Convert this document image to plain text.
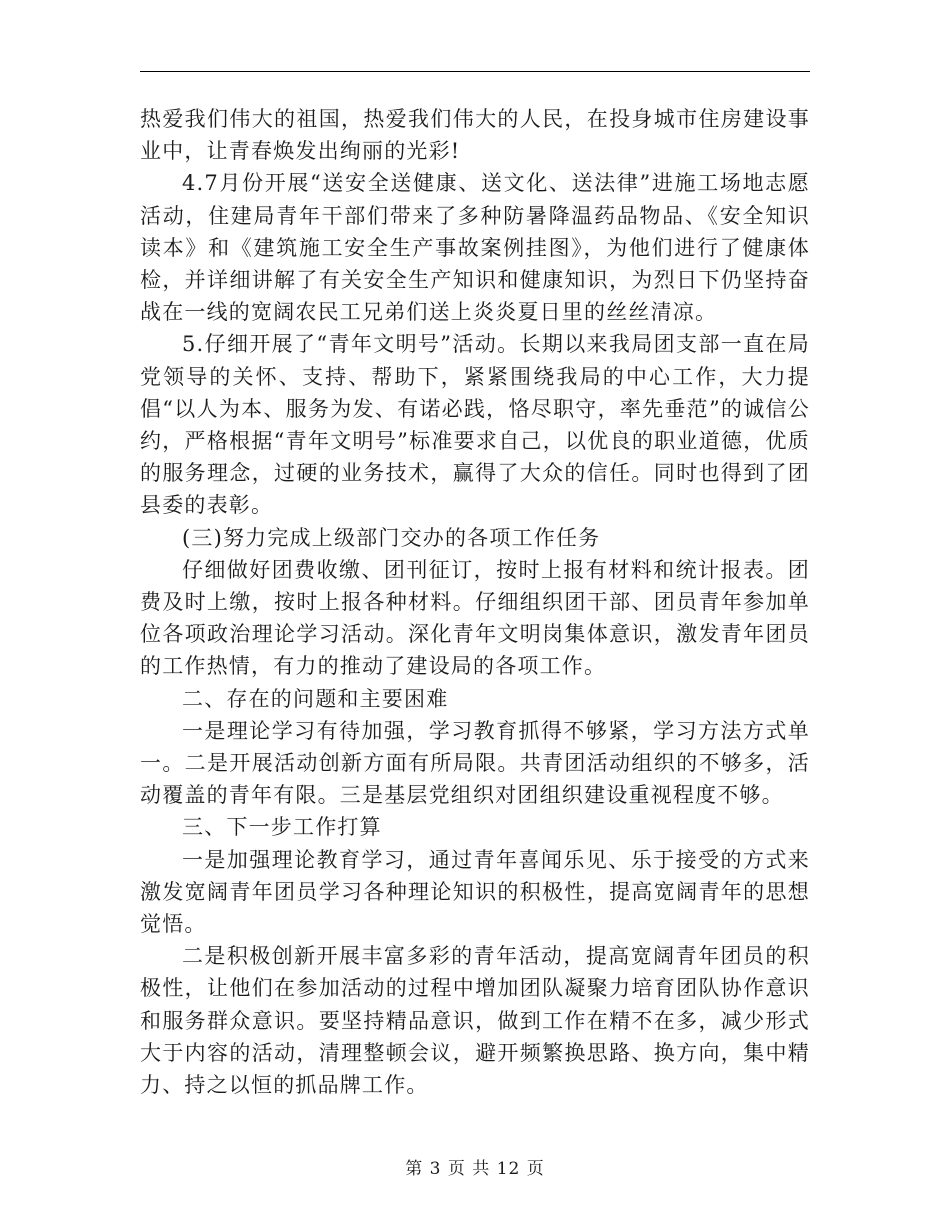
热爱我们伟大的祖国，热爱我们伟大的人民，在投身城市住房建设事业中，让青春焕发出绚丽的光彩!

4.7月份开展“送安全送健康、送文化、送法律”进施工场地志愿活动，住建局青年干部们带来了多种防暑降温药品物品、《安全知识读本》和《建筑施工安全生产事故案例挂图》，为他们进行了健康体检，并详细讲解了有关安全生产知识和健康知识，为烈日下仍坚持奋战在一线的宽阔农民工兄弟们送上炎炎夏日里的丝丝清凉。

5.仔细开展了“青年文明号”活动。长期以来我局团支部一直在局党领导的关怀、支持、帮助下，紧紧围绕我局的中心工作，大力提倡“以人为本、服务为发、有诺必践，恪尽职守，率先垂范”的诚信公约，严格根据“青年文明号”标准要求自己，以优良的职业道德，优质的服务理念，过硬的业务技术，赢得了大众的信任。同时也得到了团县委的表彰。

(三)努力完成上级部门交办的各项工作任务

仔细做好团费收缴、团刊征订，按时上报有材料和统计报表。团费及时上缴，按时上报各种材料。仔细组织团干部、团员青年参加单位各项政治理论学习活动。深化青年文明岗集体意识，激发青年团员的工作热情，有力的推动了建设局的各项工作。

二、存在的问题和主要困难

一是理论学习有待加强，学习教育抓得不够紧，学习方法方式单一。二是开展活动创新方面有所局限。共青团活动组织的不够多，活动覆盖的青年有限。三是基层党组织对团组织建设重视程度不够。

三、下一步工作打算

一是加强理论教育学习，通过青年喜闻乐见、乐于接受的方式来激发宽阔青年团员学习各种理论知识的积极性，提高宽阔青年的思想觉悟。

二是积极创新开展丰富多彩的青年活动，提高宽阔青年团员的积极性，让他们在参加活动的过程中增加团队凝聚力培育团队协作意识和服务群众意识。要坚持精品意识，做到工作在精不在多，减少形式大于内容的活动，清理整顿会议，避开频繁换思路、换方向，集中精力、持之以恒的抓品牌工作。

第 3 页 共 12 页
